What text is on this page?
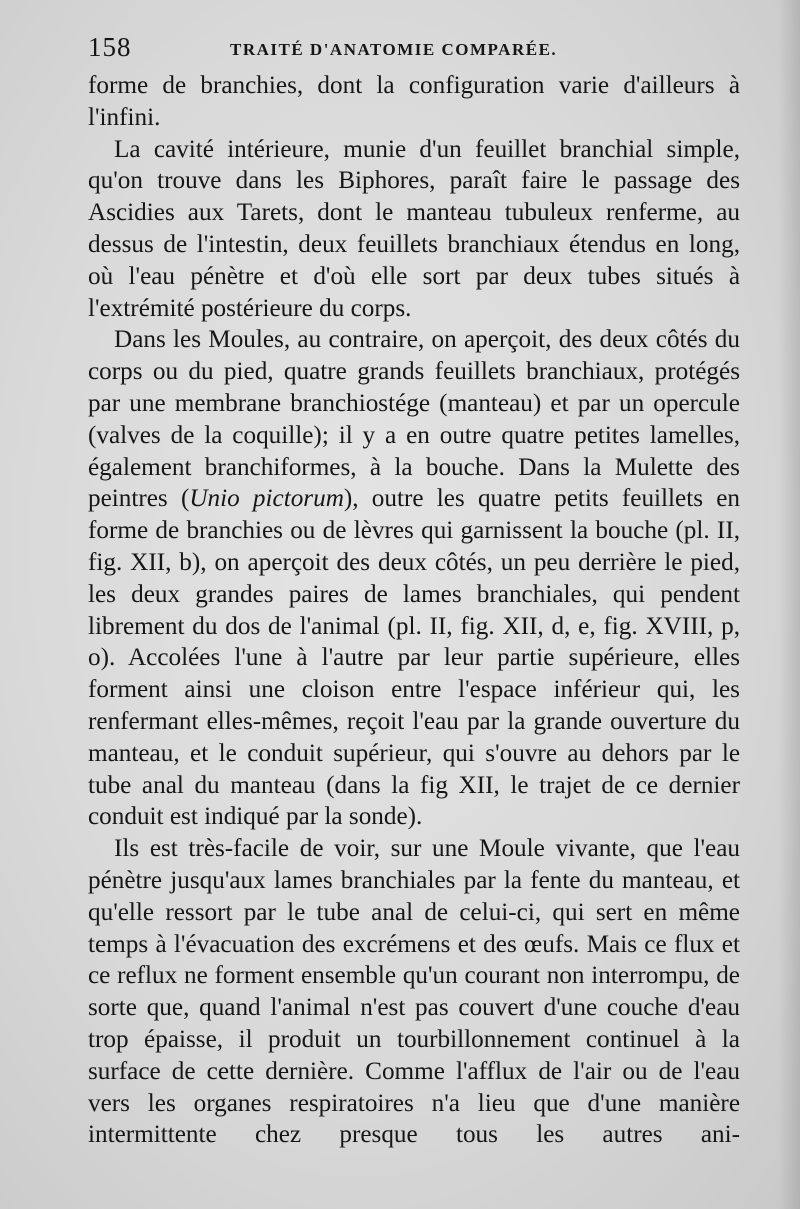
158	TRAITÉ D'ANATOMIE COMPARÉE.

forme de branchies, dont la configuration varie d'ailleurs à l'infini.

La cavité intérieure, munie d'un feuillet branchial simple, qu'on trouve dans les Biphores, paraît faire le passage des Ascidies aux Tarets, dont le manteau tubuleux renferme, au dessus de l'intestin, deux feuillets branchiaux étendus en long, où l'eau pénètre et d'où elle sort par deux tubes situés à l'extrémité postérieure du corps.

Dans les Moules, au contraire, on aperçoit, des deux côtés du corps ou du pied, quatre grands feuillets branchiaux, protégés par une membrane branchiostége (manteau) et par un opercule (valves de la coquille); il y a en outre quatre petites lamelles, également branchiformes, à la bouche. Dans la Mulette des peintres (Unio pictorum), outre les quatre petits feuillets en forme de branchies ou de lèvres qui garnissent la bouche (pl. II, fig. XII, b), on aperçoit des deux côtés, un peu derrière le pied, les deux grandes paires de lames branchiales, qui pendent librement du dos de l'animal (pl. II, fig. XII, d, e, fig. XVIII, p, o). Accolées l'une à l'autre par leur partie supérieure, elles forment ainsi une cloison entre l'espace inférieur qui, les renfermant elles-mêmes, reçoit l'eau par la grande ouverture du manteau, et le conduit supérieur, qui s'ouvre au dehors par le tube anal du manteau (dans la fig XII, le trajet de ce dernier conduit est indiqué par la sonde).

Ils est très-facile de voir, sur une Moule vivante, que l'eau pénètre jusqu'aux lames branchiales par la fente du manteau, et qu'elle ressort par le tube anal de celui-ci, qui sert en même temps à l'évacuation des excrémens et des œufs. Mais ce flux et ce reflux ne forment ensemble qu'un courant non interrompu, de sorte que, quand l'animal n'est pas couvert d'une couche d'eau trop épaisse, il produit un tourbillonnement continuel à la surface de cette dernière. Comme l'afflux de l'air ou de l'eau vers les organes respiratoires n'a lieu que d'une manière intermittente chez presque tous les autres ani-
